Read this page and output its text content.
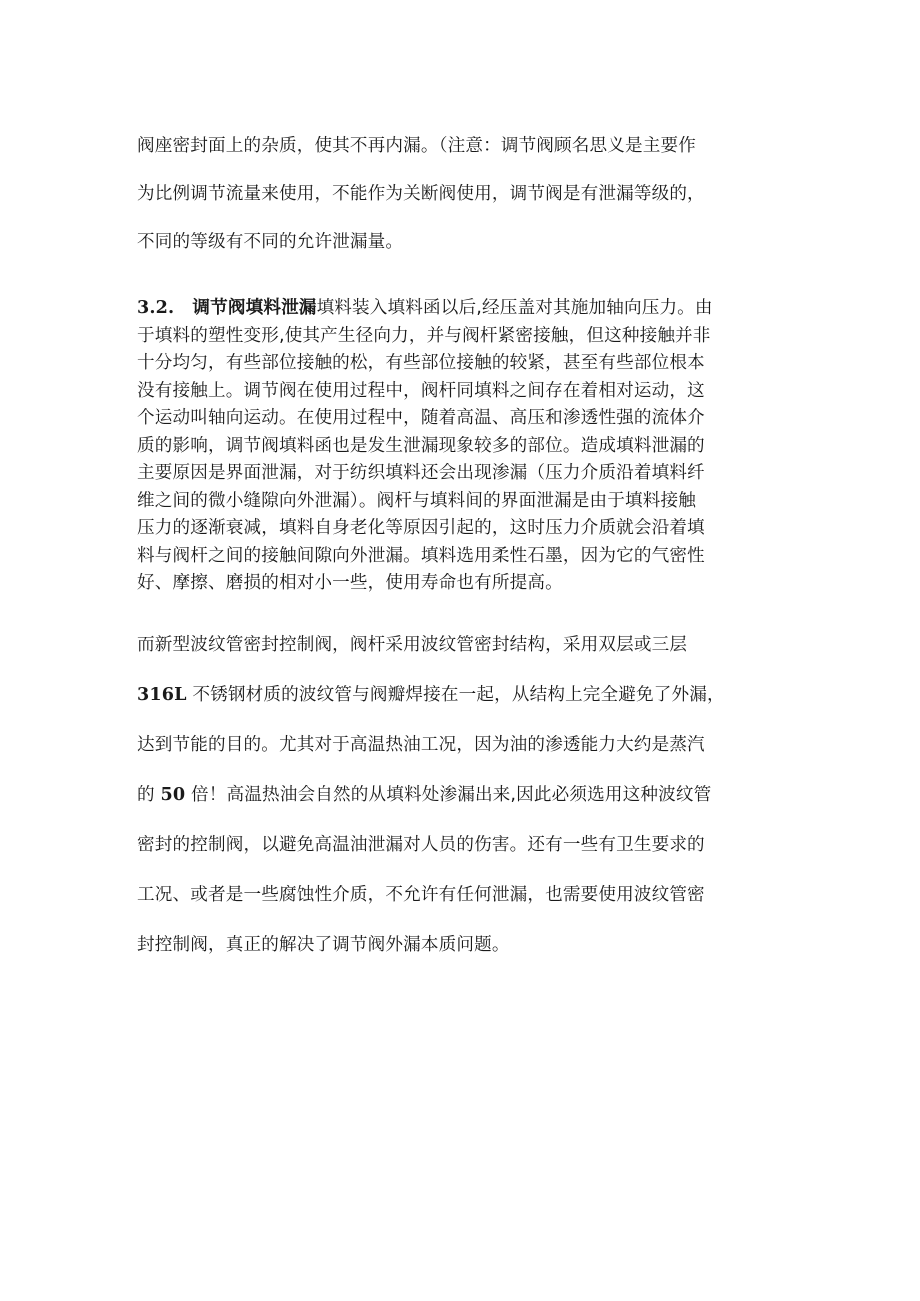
阀座密封面上的杂质，使其不再内漏。（注意：调节阀顾名思义是主要作

为比例调节流量来使用，不能作为关断阀使用，调节阀是有泄漏等级的，

不同的等级有不同的允许泄漏量。

3.2. 调节阀填料泄漏填料装入填料函以后,经压盖对其施加轴向压力。由

于填料的塑性变形,使其产生径向力，并与阀杆紧密接触，但这种接触并非

十分均匀，有些部位接触的松，有些部位接触的较紧，甚至有些部位根本

没有接触上。调节阀在使用过程中，阀杆同填料之间存在着相对运动，这

个运动叫轴向运动。在使用过程中，随着高温、高压和渗透性强的流体介

质的影响，调节阀填料函也是发生泄漏现象较多的部位。造成填料泄漏的

主要原因是界面泄漏，对于纺织填料还会出现渗漏（压力介质沿着填料纤

维之间的微小缝隙向外泄漏）。阀杆与填料间的界面泄漏是由于填料接触

压力的逐渐衰减，填料自身老化等原因引起的，这时压力介质就会沿着填

料与阀杆之间的接触间隙向外泄漏。填料选用柔性石墨，因为它的气密性

好、摩擦、磨损的相对小一些，使用寿命也有所提高。

而新型波纹管密封控制阀，阀杆采用波纹管密封结构，采用双层或三层

316L 不锈钢材质的波纹管与阀瓣焊接在一起，从结构上完全避免了外漏，

达到节能的目的。尤其对于高温热油工况，因为油的渗透能力大约是蒸汽

的 50 倍！高温热油会自然的从填料处渗漏出来,因此必须选用这种波纹管

密封的控制阀，以避免高温油泄漏对人员的伤害。还有一些有卫生要求的

工况、或者是一些腐蚀性介质，不允许有任何泄漏，也需要使用波纹管密

封控制阀，真正的解决了调节阀外漏本质问题。
